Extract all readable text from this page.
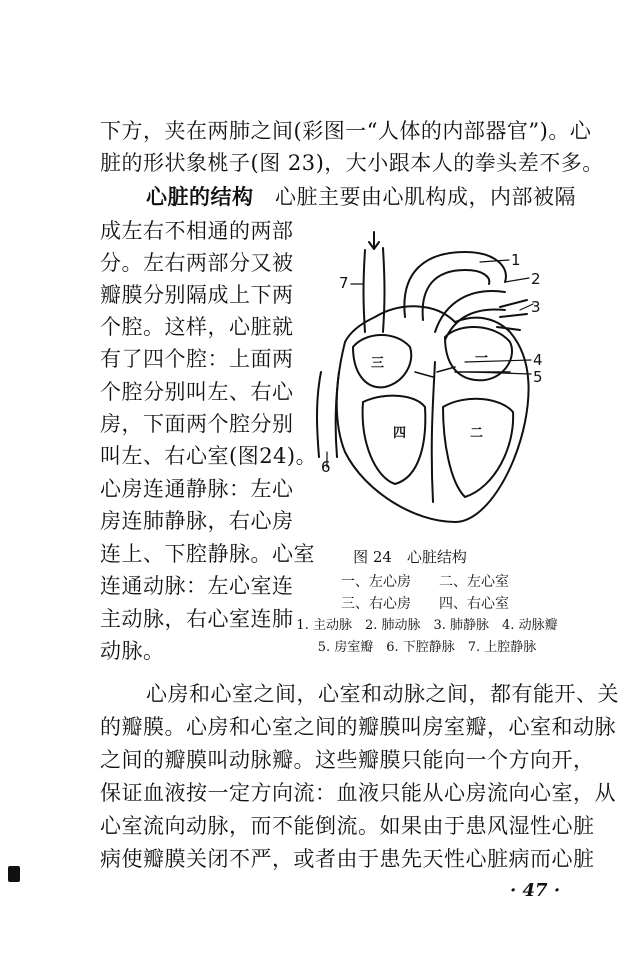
下方，夹在两肺之间(彩图一“人体的内部器官”)。心
脏的形状象桃子(图 23)，大小跟本人的拳头差不多。
心脏的结构　 心脏主要由心肌构成，内部被隔
成左右不相通的两部
分。左右两部分又被
瓣膜分别隔成上下两
个腔。这样，心脏就
有了四个腔：上面两
个腔分别叫左、右心
房，下面两个腔分别
叫左、右心室(图24)。
心房连通静脉：左心
房连肺静脉，右心房
连上、下腔静脉。心室
连通动脉：左心室连
主动脉，右心室连肺
动脉。
1
2
3
4
5
6
7
一
二
三
四
图 24　心脏结构
一、左心房　　二、左心室
三、右心房　　四、右心室
1. 主动脉　2. 肺动脉　3. 肺静脉　4. 动脉瓣
5. 房室瓣　6. 下腔静脉　7. 上腔静脉
心房和心室之间，心室和动脉之间，都有能开、关
的瓣膜。心房和心室之间的瓣膜叫房室瓣，心室和动脉
之间的瓣膜叫动脉瓣。这些瓣膜只能向一个方向开，
保证血液按一定方向流：血液只能从心房流向心室，从
心室流向动脉，而不能倒流。如果由于患风湿性心脏
病使瓣膜关闭不严，或者由于患先天性心脏病而心脏
· 47 ·
